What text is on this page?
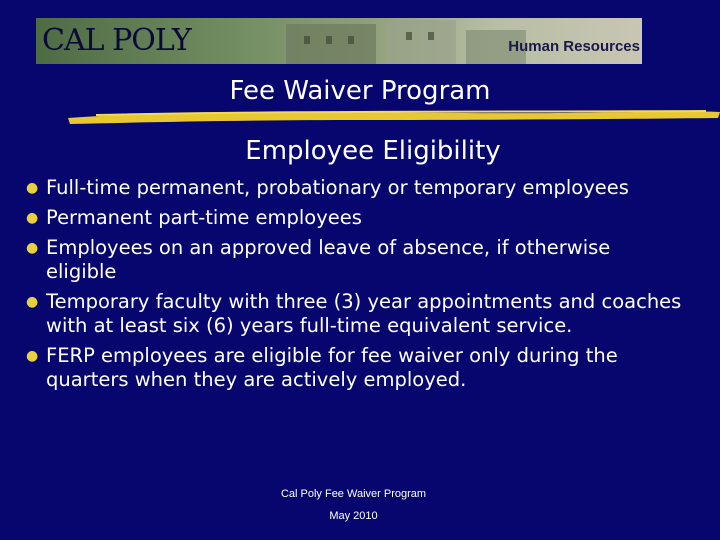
CAL POLY	Human Resources
Fee Waiver Program
Employee Eligibility
● Full-time permanent, probationary or temporary employees
● Permanent part-time employees
● Employees on an approved leave of absence, if otherwise eligible
● Temporary faculty with three (3) year appointments and coaches with at least six (6) years full-time equivalent service.
● FERP employees are eligible for fee waiver only during the quarters when they are actively employed.
Cal Poly Fee Waiver Program
May 2010
